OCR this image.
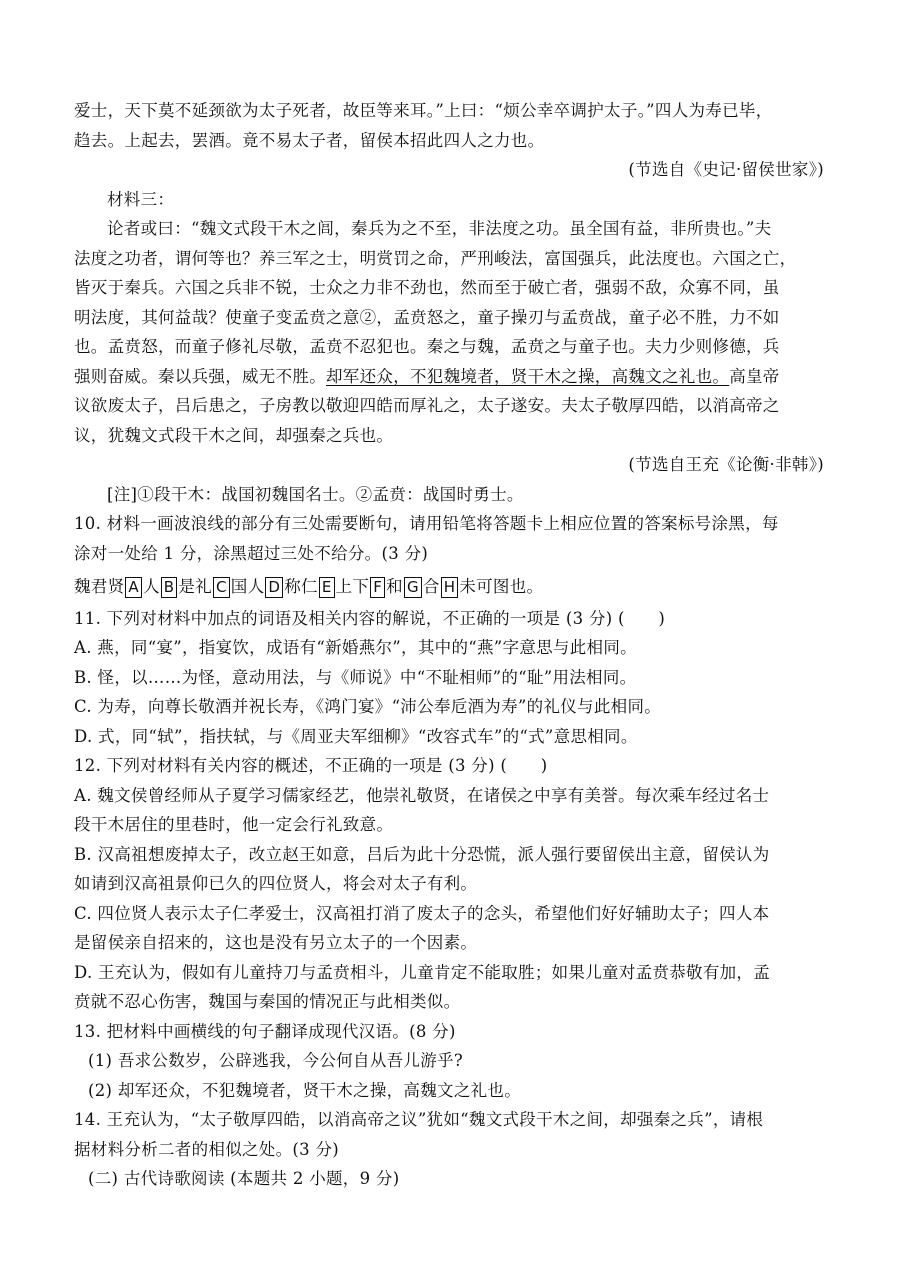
爱士，天下莫不延颈欲为太子死者，故臣等来耳。”上曰：“烦公幸卒调护太子。”四人为寿已毕，
趋去。上起去，罢酒。竟不易太子者，留侯本招此四人之力也。
(节选自《史记·留侯世家》)
材料三：
论者或曰：“魏文式段干木之闾，秦兵为之不至，非法度之功。虽全国有益，非所贵也。”夫
法度之功者，谓何等也？养三军之士，明赏罚之命，严刑峻法，富国强兵，此法度也。六国之亡，
皆灭于秦兵。六国之兵非不锐，士众之力非不劲也，然而至于破亡者，强弱不敌，众寡不同，虽
明法度，其何益哉？使童子变孟贲之意②，孟贲怒之，童子操刃与孟贲战，童子必不胜，力不如
也。孟贲怒，而童子修礼尽敬，孟贲不忍犯也。秦之与魏，孟贲之与童子也。夫力少则修德，兵
强则奋威。秦以兵强，威无不胜。却军还众，不犯魏境者，贤干木之操，高魏文之礼也。高皇帝
议欲废太子，吕后患之，子房教以敬迎四皓而厚礼之，太子遂安。夫太子敬厚四皓，以消高帝之
议，犹魏文式段干木之间，却强秦之兵也。
(节选自王充《论衡·非韩》)
[注]①段干木：战国初魏国名士。②孟贲：战国时勇士。
10. 材料一画波浪线的部分有三处需要断句，请用铅笔将答题卡上相应位置的答案标号涂黑，每
涂对一处给 1 分，涂黑超过三处不给分。(3 分)
魏君贤 A 人 B 是礼 C 国人 D 称仁 E 上下 F 和 G 合 H 未可图也。
11. 下列对材料中加点的词语及相关内容的解说，不正确的一项是 (3 分) (　　)
A. 燕，同“宴”，指宴饮，成语有“新婚燕尔”，其中的“燕”字意思与此相同。
B. 怪，以……为怪，意动用法，与《师说》中“不耻相师”的“耻”用法相同。
C. 为寿，向尊长敬酒并祝长寿，《鸿门宴》“沛公奉卮酒为寿”的礼仪与此相同。
D. 式，同“轼”，指扶轼，与《周亚夫军细柳》“改容式车”的“式”意思相同。
12. 下列对材料有关内容的概述，不正确的一项是 (3 分) (　　)
A. 魏文侯曾经师从子夏学习儒家经艺，他崇礼敬贤，在诸侯之中享有美誉。每次乘车经过名士
段干木居住的里巷时，他一定会行礼致意。
B. 汉高祖想废掉太子，改立赵王如意，吕后为此十分恐慌，派人强行要留侯出主意，留侯认为
如请到汉高祖景仰已久的四位贤人，将会对太子有利。
C. 四位贤人表示太子仁孝爱士，汉高祖打消了废太子的念头，希望他们好好辅助太子；四人本
是留侯亲自招来的，这也是没有另立太子的一个因素。
D. 王充认为，假如有儿童持刀与孟贲相斗，儿童肯定不能取胜；如果儿童对孟贲恭敬有加，孟
贲就不忍心伤害，魏国与秦国的情况正与此相类似。
13. 把材料中画横线的句子翻译成现代汉语。(8 分)
(1) 吾求公数岁，公辟逃我，今公何自从吾儿游乎?
(2) 却军还众，不犯魏境者，贤干木之操，高魏文之礼也。
14. 王充认为，“太子敬厚四皓，以消高帝之议”犹如“魏文式段干木之间，却强秦之兵”，请根
据材料分析二者的相似之处。(3 分)
(二) 古代诗歌阅读 (本题共 2 小题，9 分)
